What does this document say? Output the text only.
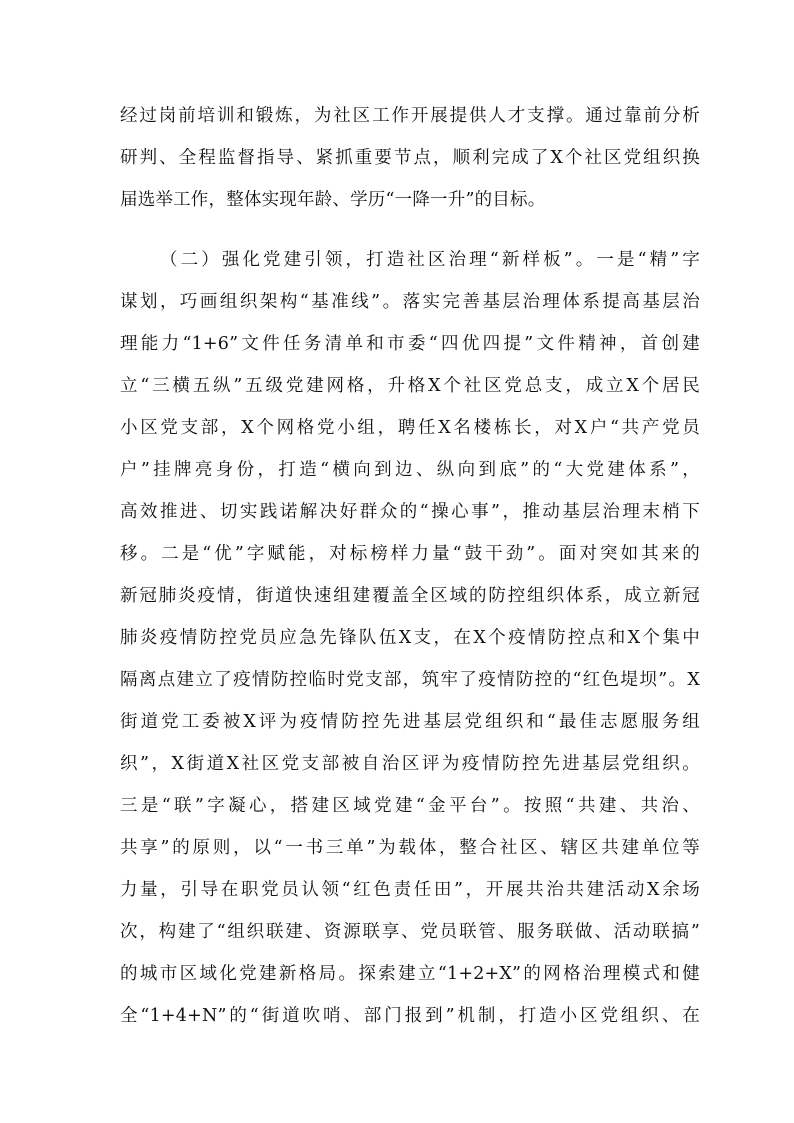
经过岗前培训和锻炼，为社区工作开展提供人才支撑。通过靠前分析
研判、全程监督指导、紧抓重要节点，顺利完成了X个社区党组织换
届选举工作，整体实现年龄、学历“一降一升”的目标。
（二）强化党建引领，打造社区治理“新样板”。一是“精”字
谋划，巧画组织架构“基准线”。落实完善基层治理体系提高基层治
理能力“1+6”文件任务清单和市委“四优四提”文件精神，首创建
立“三横五纵”五级党建网格，升格X个社区党总支，成立X个居民
小区党支部，X个网格党小组，聘任X名楼栋长，对X户“共产党员
户”挂牌亮身份，打造“横向到边、纵向到底”的“大党建体系”，
高效推进、切实践诺解决好群众的“操心事”，推动基层治理末梢下
移。二是“优”字赋能，对标榜样力量“鼓干劲”。面对突如其来的
新冠肺炎疫情，街道快速组建覆盖全区域的防控组织体系，成立新冠
肺炎疫情防控党员应急先锋队伍X支，在X个疫情防控点和X个集中
隔离点建立了疫情防控临时党支部，筑牢了疫情防控的“红色堤坝”。X
街道党工委被X评为疫情防控先进基层党组织和“最佳志愿服务组
织”，X街道X社区党支部被自治区评为疫情防控先进基层党组织。
三是“联”字凝心，搭建区域党建“金平台”。按照“共建、共治、
共享”的原则，以“一书三单”为载体，整合社区、辖区共建单位等
力量，引导在职党员认领“红色责任田”，开展共治共建活动X余场
次，构建了“组织联建、资源联享、党员联管、服务联做、活动联搞”
的城市区域化党建新格局。探索建立“1+2+X”的网格治理模式和健
全“1+4+N”的“街道吹哨、部门报到”机制，打造小区党组织、在
